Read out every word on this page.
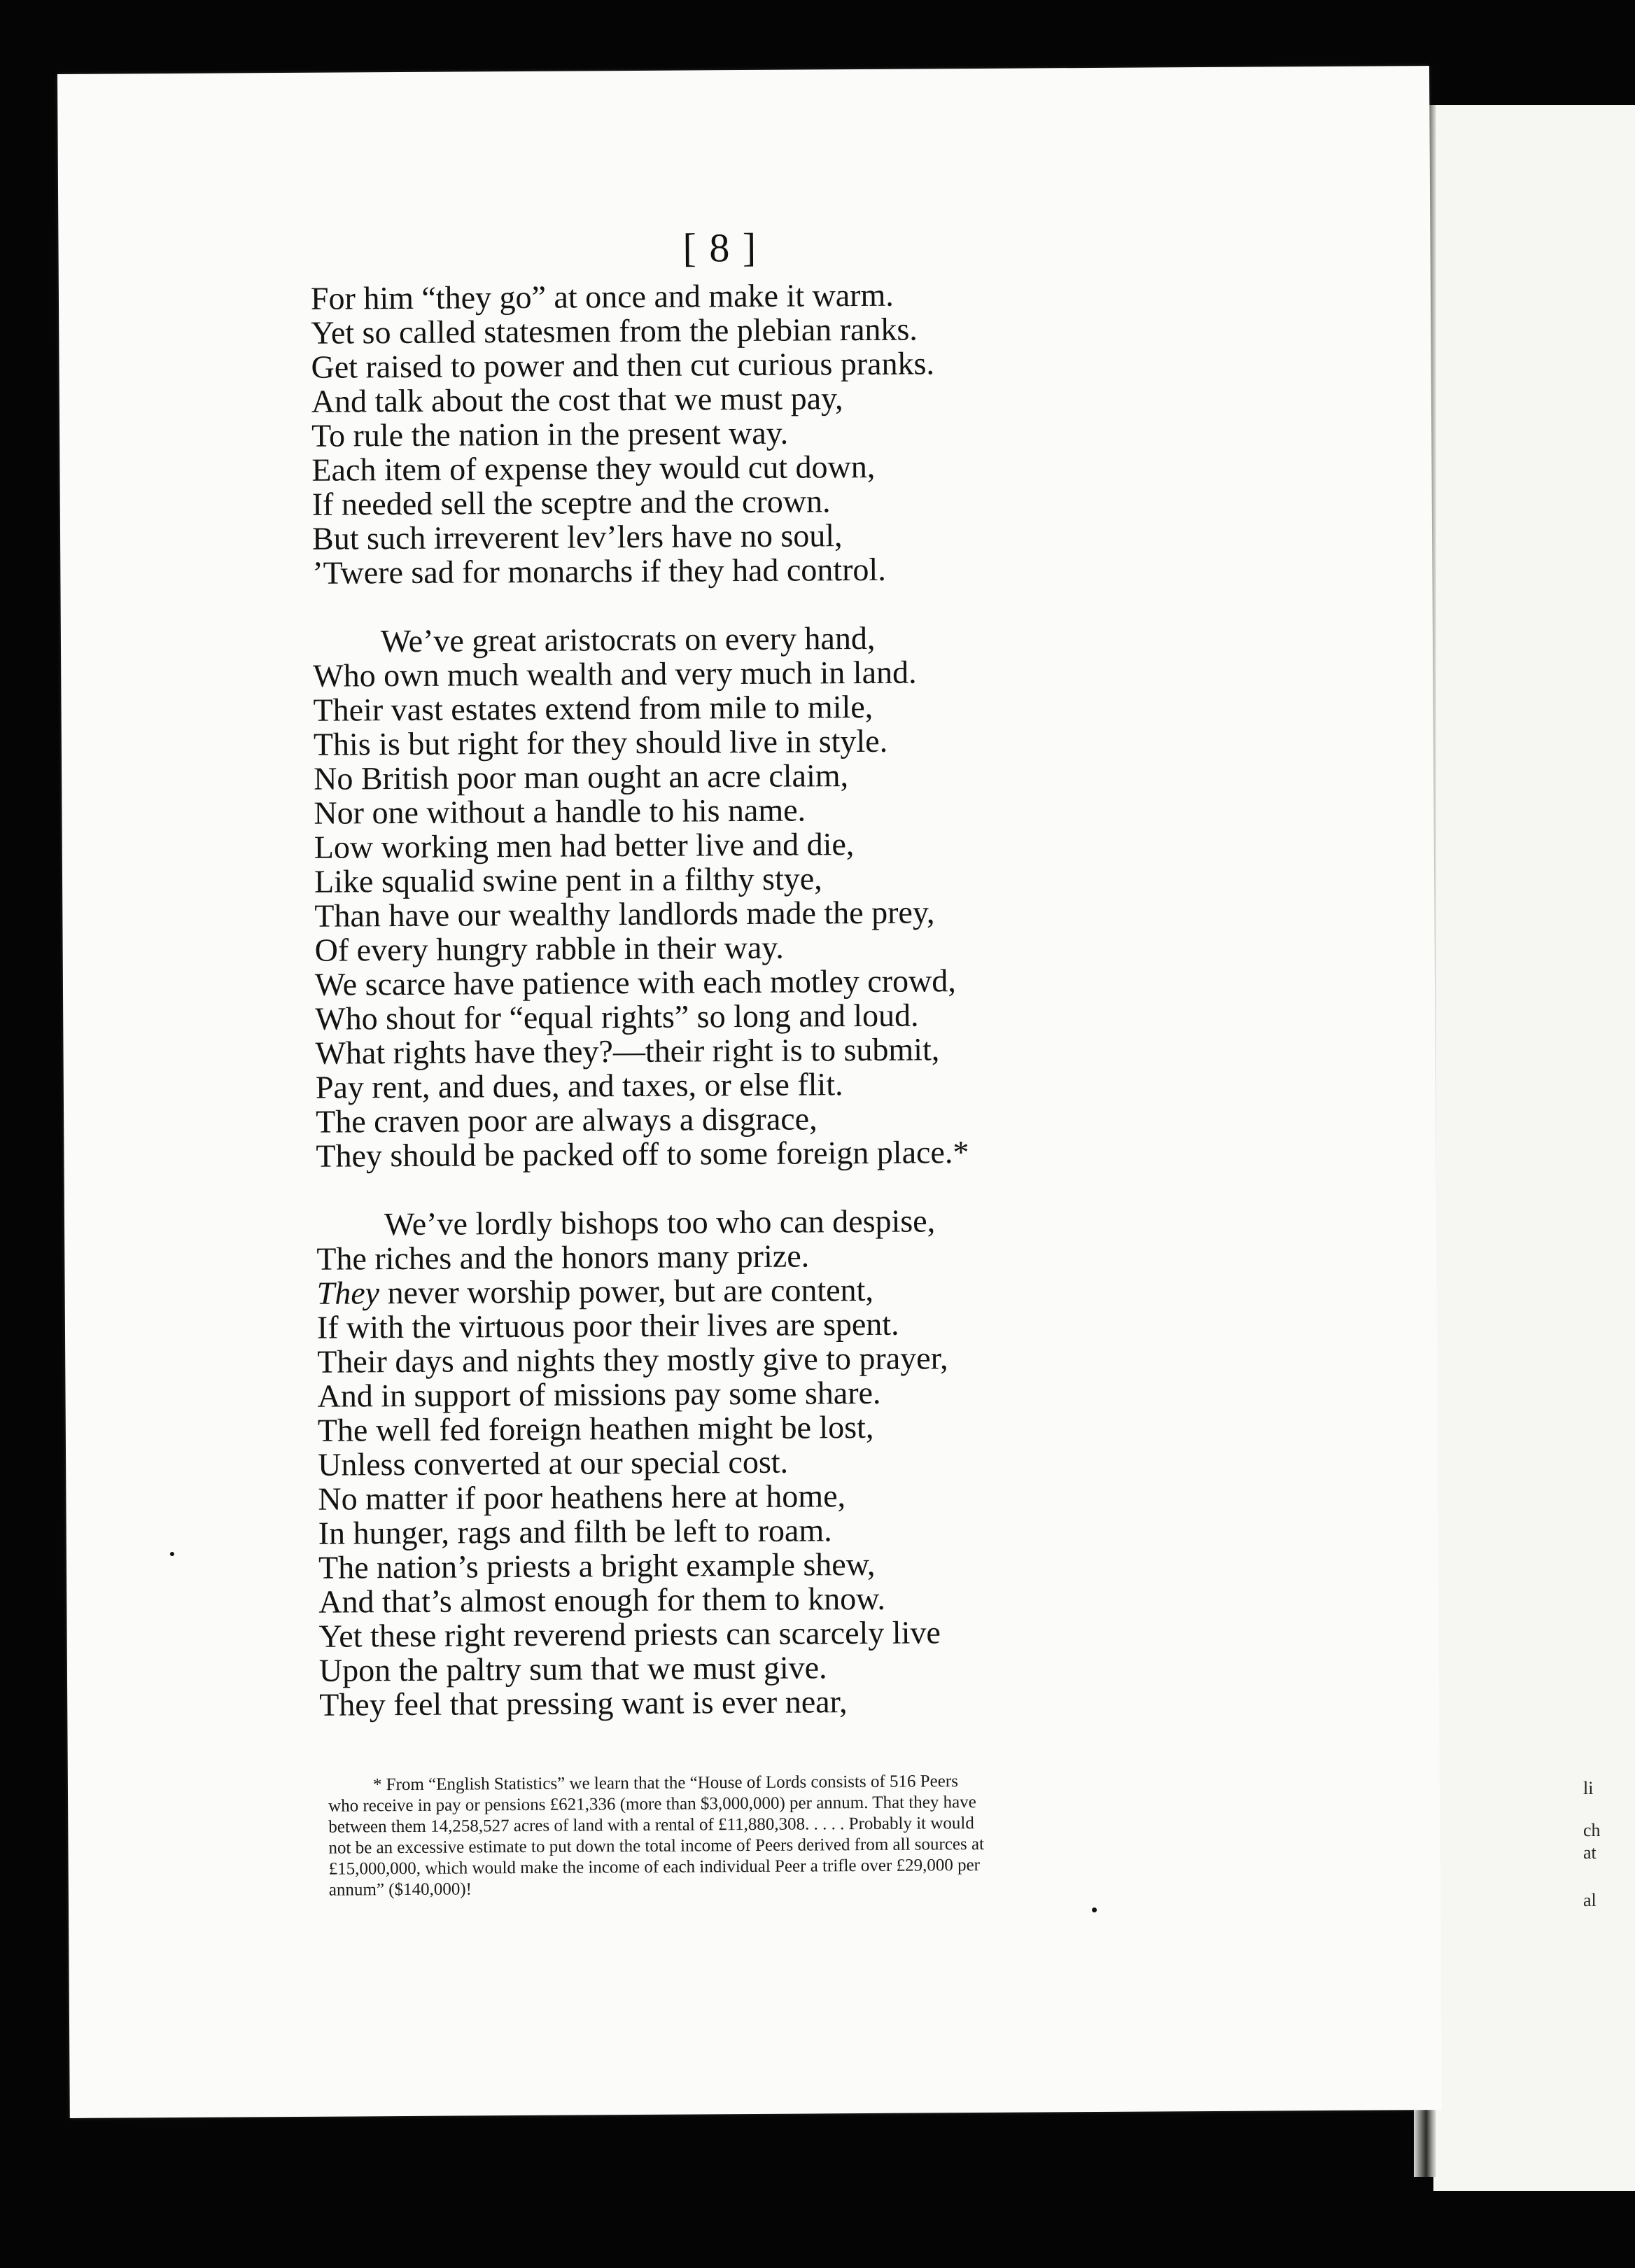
[ 8 ]
For him “they go” at once and make it warm.
Yet so called statesmen from the plebian ranks.
Get raised to power and then cut curious pranks.
And talk about the cost that we must pay,
To rule the nation in the present way.
Each item of expense they would cut down,
If needed sell the sceptre and the crown.
But such irreverent lev’lers have no soul,
’Twere sad for monarchs if they had control.
We’ve great aristocrats on every hand,
Who own much wealth and very much in land.
Their vast estates extend from mile to mile,
This is but right for they should live in style.
No British poor man ought an acre claim,
Nor one without a handle to his name.
Low working men had better live and die,
Like squalid swine pent in a filthy stye,
Than have our wealthy landlords made the prey,
Of every hungry rabble in their way.
We scarce have patience with each motley crowd,
Who shout for “equal rights” so long and loud.
What rights have they?—their right is to submit,
Pay rent, and dues, and taxes, or else flit.
The craven poor are always a disgrace,
They should be packed off to some foreign place.*
We’ve lordly bishops too who can despise,
The riches and the honors many prize.
They never worship power, but are content,
If with the virtuous poor their lives are spent.
Their days and nights they mostly give to prayer,
And in support of missions pay some share.
The well fed foreign heathen might be lost,
Unless converted at our special cost.
No matter if poor heathens here at home,
In hunger, rags and filth be left to roam.
The nation’s priests a bright example shew,
And that’s almost enough for them to know.
Yet these right reverend priests can scarcely live
Upon the paltry sum that we must give.
They feel that pressing want is ever near,
* From “English Statistics” we learn that the “House of Lords consists of 516 Peers
who receive in pay or pensions £621,336 (more than $3,000,000) per annum. That they have
between them 14,258,527 acres of land with a rental of £11,880,308. . . . . Probably it would
not be an excessive estimate to put down the total income of Peers derived from all sources at
£15,000,000, which would make the income of each individual Peer a trifle over £29,000 per
annum” ($140,000)!
li
ch
at
al
